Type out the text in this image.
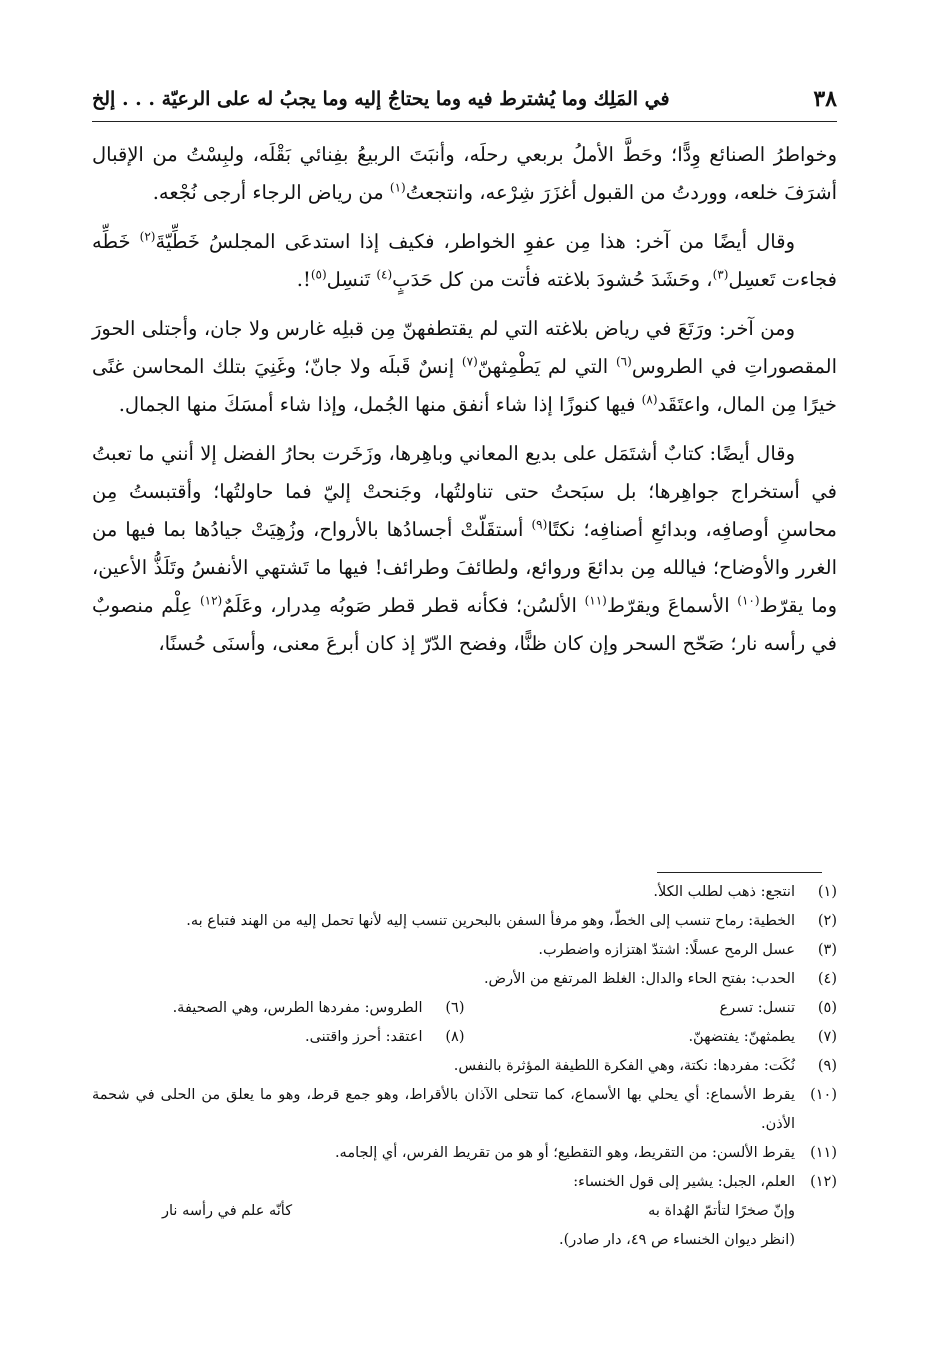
٣٨
في المَلِك وما يُشترط فيه وما يحتاجُ إليه وما يجبُ له على الرعيّة . . . إلخ

وخواطرُ الصنائع وِدًّا؛ وحَطَّ الأملُ بربعي رحلَه، وأنبَتَ الربيعُ بفِنائي بَقْلَه، ولبِسْتُ من الإقبال أشرَفَ خلعه، ووردتُ من القبول أغزَرَ شِرْعه، وانتجعتُ$^{(١)}$ من رياض الرجاء أرجى نُجْعه.

وقال أيضًا من آخر: هذا مِن عفوِ الخواطر، فكيف إذا استدعَى المجلسُ خَطِّيّةَ$^{(٢)}$ خَطِّه فجاءت تَعسِل$^{(٣)}$، وحَشَدَ حُشودَ بلاغته فأتت من كل حَدَبٍ$^{(٤)}$ تَنسِل$^{(٥)}$!.

ومن آخر: ورَتَعَ في رياض بلاغته التي لم يقتطفهنّ مِن قبلِه غارس ولا جان، وأجتلى الحورَ المقصوراتِ في الطروس$^{(٦)}$ التي لم يَطْمِثهنّ$^{(٧)}$ إنسٌ قَبلَه ولا جانّ؛ وغَنِيَ بتلك المحاسن غنًى خيرًا مِن المال، واعتَقَد$^{(٨)}$ فيها كنوزًا إذا شاء أنفق منها الجُمل، وإذا شاء أمسَكَ منها الجمال.

وقال أيضًا: كتابٌ أشتَمَل على بديع المعاني وباهِرها، وزَخَرت بحارُ الفضل إلا أنني ما تعبتُ في أستخراج جواهِرها؛ بل سبَحتُ حتى تناولتُها، وجَنحتْ إليّ فما حاولتُها؛ وأقتبستُ مِن محاسنِ أوصافِه، وبدائعِ أصنافِه؛ نكتًا$^{(٩)}$ أستقَلّتْ أجسادُها بالأرواح، وزُهِيَتْ جيادُها بما فيها من الغرر والأوضاح؛ فيالله مِن بدائعَ وروائع، ولطائفَ وطرائف! فيها ما تَشتهي الأنفسُ وتَلَذُّ الأعين، وما يقرّط$^{(١٠)}$ الأسماعَ ويقرّط$^{(١١)}$ الألسُن؛ فكأنه قطر قطر صَوبُه مِدرار، وعَلَمٌ$^{(١٢)}$ عِلْم منصوبٌ في رأسه نار؛ صَحّح السحر وإن كان ظنًّا، وفضح الدّرّ إذ كان أبرعَ معنى، وأسنَى حُسنًا،

(١)
انتجع: ذهب لطلب الكلأ.
(٢)
الخطية: رماح تنسب إلى الخطّ، وهو مرفأ السفن بالبحرين تنسب إليه لأنها تحمل إليه من الهند فتباع به.
(٣)
عسل الرمح عسلًا: اشتدّ اهتزازه واضطرب.
(٤)
الحدب: بفتح الحاء والدال: الغلظ المرتفع من الأرض.
(٥)
تنسل: تسرع
(٦)
الطروس: مفردها الطرس، وهي الصحيفة.
(٧)
يطمثهنّ: يفتضهنّ.
(٨)
اعتقد: أحرز واقتنى.
(٩)
نُكَت: مفردها: نكتة، وهي الفكرة اللطيفة المؤثرة بالنفس.
(١٠)
يقرط الأسماع: أي يحلي بها الأسماع، كما تتحلى الآذان بالأقراط، وهو جمع قرط، وهو ما يعلق من الحلى في شحمة الأذن.
(١١)
يقرط الألسن: من التقريط، وهو التقطيع؛ أو هو من تقريط الفرس، أي إلجامه.
(١٢)
العلم، الجبل: يشير إلى قول الخنساء:
وإنّ صخرًا لتأتمّ الهُداة به
كأنّه علم في رأسه نار
(انظر ديوان الخنساء ص ٤٩، دار صادر).
